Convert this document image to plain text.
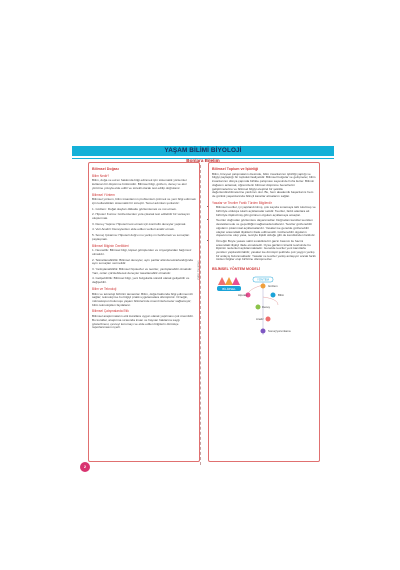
YAŞAM BİLİMİ BİYOLOJİ
Bonlara Bilelim
Zafer Yayınları
Bilimsel Doğası
Bilim Nedir?

Bilim, doğa ve evren hakkında bilgi edinmek için sistematik yöntemler kullanan bir düşünme bütünüdür. Bilimsel bilgi, gözlem, deney ve akıl yürütme yoluyla elde edilir ve sürekli olarak test edilip doğrulanır.

Bilimsel Yöntem

Bilimsel yöntem, bilim insanlarının problemleri çözmek ve yeni bilgi edinmek için kullandıkları sistematik bir süreçtir. Temel adımları şunlardır:

1. Gözlem: Doğal olayları dikkatle gözlemlemek ve not etmek.

2. Hipotez Kurma: Gözlemlerden yola çıkarak test edilebilir bir varsayım oluşturmak.

3. Deney Yapma: Hipotezi test etmek için kontrollü deneyler yapmak.

4. Veri Analizi: Deneylerden elde edilen verileri analiz etmek.

5. Sonuç Çıkarma: Hipotezi doğru mu yanlış mı belirlemek ve sonuçları paylaşmak.

Bilimsel Bilginin Özellikleri

1. Nesnellik: Bilimsel bilgi, kişisel görüşlerden ve önyargılardan bağımsız olmalıdır.

2. Tekrarlanabilirlik: Bilimsel deneyler, aynı şartlar altında tekrarlandığında aynı sonuçları vermelidir.

3. Yanlışlanabilirlik: Bilimsel hipotezler ve teoriler, yanlışlanabilir olmalıdır. Yani, onları çürütebilecek deneyler tasarlanabilir olmalıdır.

4. Gelişebilirlik: Bilimsel bilgi, yeni bulgularla sürekli olarak gelişebilir ve değişebilir.

Bilim ve Teknoloji

Bilim ve teknoloji birbirini tamamlar. Bilim, doğa hakkında bilgi edinmemizi sağlar; teknoloji ise bu bilgiyi pratik uygulamalara dönüştürür. Örneğin, mikroskopun bulunuşu yaşam bilimlerinde önemli ilerlemeler sağlamıştır; bilim teknolojiden faydalanır.

Bilimsel Çalışmalarda Etik

Bilimsel araştırmaların etik kurallara uygun olarak yapılması çok önemlidir. Bu kurallar, araştırma sırasında insan ve hayvan haklarına saygı gösterilmesi, çevreyi korumayı ve elde edilen bilgilerin dürüstçe raporlanmasını içerir.

Bilimsel Toplum ve İşbirliği

Bilim, bireysel çalışmaların ötesinde, bilim insanlarının işbirliği yaptığı ve bilgiyi paylaştığı bir topluluk faaliyetidir. Bilimsel bulgular ve gelişmeler, bilim insanlarının dünya çapında birlikte çalışması sayesinde hızla ilerler. Bilimin doğasını anlamak, öğrencilerin bilimsel düşünme becerilerini geliştirmelerine ve bilimsel bilgiyi eleştirel bir şekilde değerlendirebilmelerine yardımcı olur. Bu, hem akademik başarılarını hem de günlük yaşamlarında bilinçli kararlar almalarını sağlar.

Yasalar ve Teoriler Farklı Türden Bilgilerdir
• Bilimsel teoriler, iyi yapılandırılmış, çok sayıda sınamaya tabi tutulmuş ve birbiriyle oldukça tutarlı açıklamalar setidir. Teoriler, farklı alanlara ait birbiriyle ilişkisizmiş gibi görünen olguları açıklamaya amaçlar.
• Teoriler doğrudan gözlemlere dayanmazlar. Doğrudan kanıtlar teoriden desteklemede ve geçerliliğini sağlamada kullanılır. Teoriler gözlenebilir olguların çıkarımsal açıklamalarıdır. Yasalar ise genelde gözlenebilir olaylar arasındaki ilişkilerin ifade edilmesidir. Gözlenebilir olguların dışavurumu olup yasa, teoriyle ilişkili olduğu gibi de kendisinden farklıdır.
• Örneğin Boyle yasası sabit sıcaklıkta bir gazın basıncı ile hacmi arasındaki ilişkiyi ifade etmektedir. Oysa gazların kinetik teorisinde bu ilişkinin nedenleri açıklanmaktadır. Genelde teoriler yeni kanıtlarla yeniden yapılandırılabilir, yasalar ise dönüşür şeklinde çok yaygın yanlış bir anlayış bulunmaktadır. Yasalar ve teoriler yanlış anlaşıyor ancak farklı türden bilgiler olup birbirine dönüşmezler.
BİLİMSEL YÖNTEM MODELİ
BİLİMSEL
YÖNTEM
Gözlem
Hipotez	Bilim
Deney
Analiz
Sonuç/yorumlama
2
